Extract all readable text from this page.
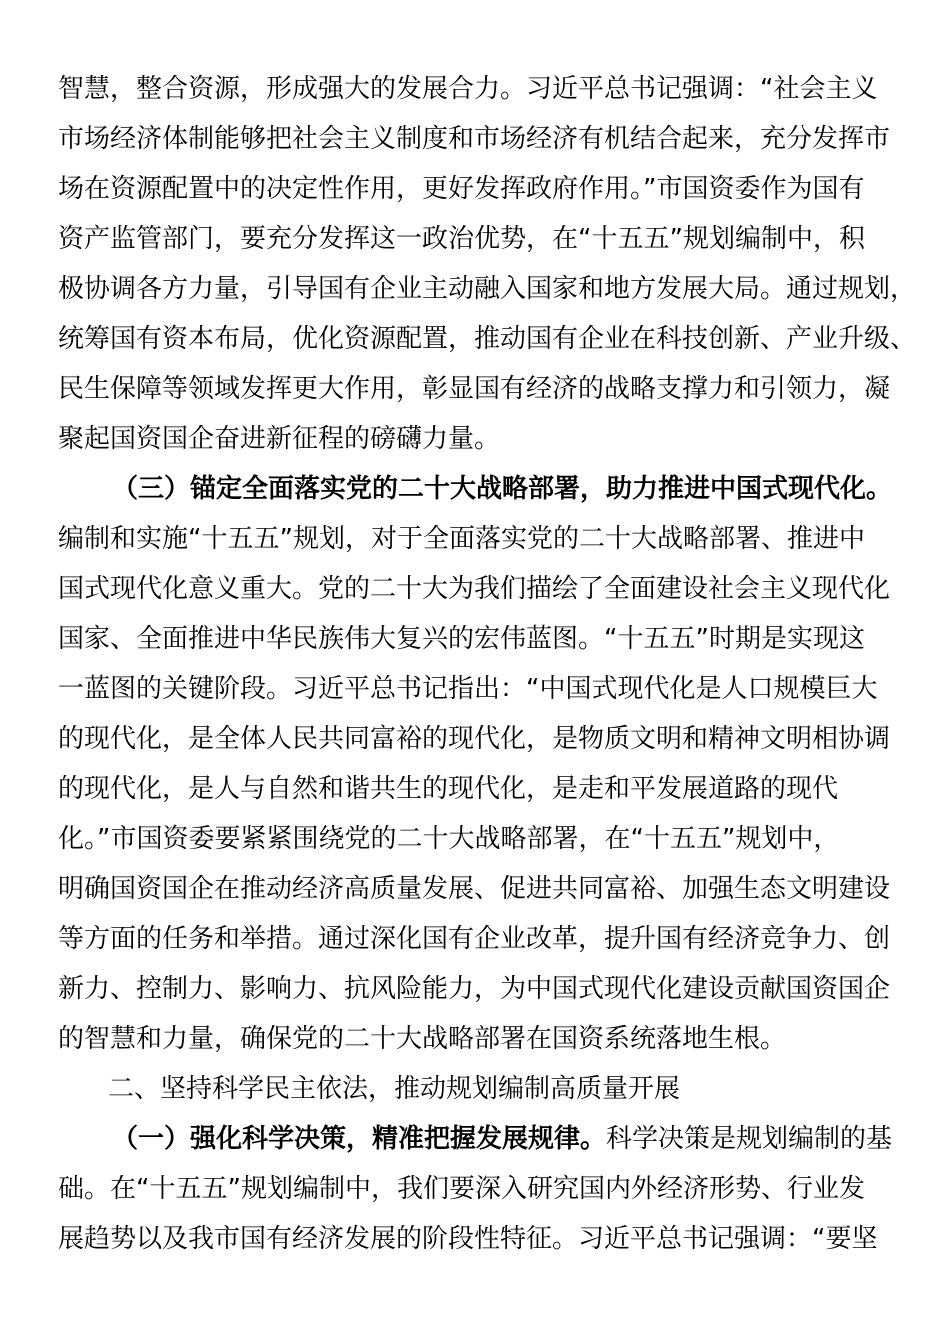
智慧，整合资源，形成强大的发展合力。习近平总书记强调：“社会主义
市场经济体制能够把社会主义制度和市场经济有机结合起来，充分发挥市
场在资源配置中的决定性作用，更好发挥政府作用。”市国资委作为国有
资产监管部门，要充分发挥这一政治优势，在“十五五”规划编制中，积
极协调各方力量，引导国有企业主动融入国家和地方发展大局。通过规划，
统筹国有资本布局，优化资源配置，推动国有企业在科技创新、产业升级、
民生保障等领域发挥更大作用，彰显国有经济的战略支撑力和引领力，凝
聚起国资国企奋进新征程的磅礴力量。
（三）锚定全面落实党的二十大战略部署，助力推进中国式现代化。
编制和实施“十五五”规划，对于全面落实党的二十大战略部署、推进中
国式现代化意义重大。党的二十大为我们描绘了全面建设社会主义现代化
国家、全面推进中华民族伟大复兴的宏伟蓝图。“十五五”时期是实现这
一蓝图的关键阶段。习近平总书记指出：“中国式现代化是人口规模巨大
的现代化，是全体人民共同富裕的现代化，是物质文明和精神文明相协调
的现代化，是人与自然和谐共生的现代化，是走和平发展道路的现代
化。”市国资委要紧紧围绕党的二十大战略部署，在“十五五”规划中，
明确国资国企在推动经济高质量发展、促进共同富裕、加强生态文明建设
等方面的任务和举措。通过深化国有企业改革，提升国有经济竞争力、创
新力、控制力、影响力、抗风险能力，为中国式现代化建设贡献国资国企
的智慧和力量，确保党的二十大战略部署在国资系统落地生根。
二、坚持科学民主依法，推动规划编制高质量开展
（一）强化科学决策，精准把握发展规律。科学决策是规划编制的基
础。在“十五五”规划编制中，我们要深入研究国内外经济形势、行业发
展趋势以及我市国有经济发展的阶段性特征。习近平总书记强调：“要坚
